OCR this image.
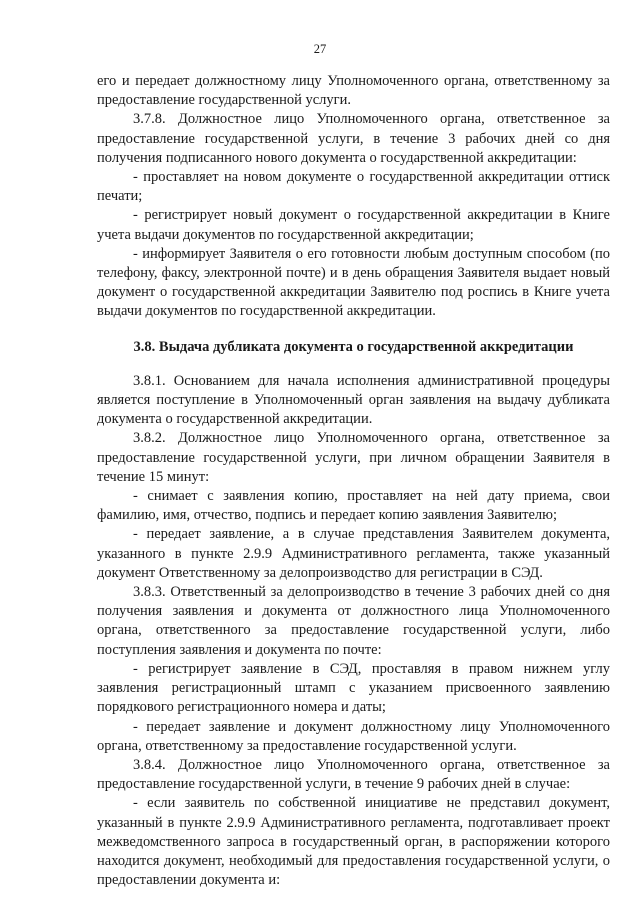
27

его и передает должностному лицу Уполномоченного органа, ответственному за предоставление государственной услуги.

3.7.8. Должностное лицо Уполномоченного органа, ответственное за предоставление государственной услуги, в течение 3 рабочих дней со дня получения подписанного нового документа о государственной аккредитации:

- проставляет на новом документе о государственной аккредитации оттиск печати;

- регистрирует новый документ о государственной аккредитации в Книге учета выдачи документов по государственной аккредитации;

- информирует Заявителя о его готовности любым доступным способом (по телефону, факсу, электронной почте) и в день обращения Заявителя выдает новый документ о государственной аккредитации Заявителю под роспись в Книге учета выдачи документов по государственной аккредитации.

3.8. Выдача дубликата документа о государственной аккредитации

3.8.1. Основанием для начала исполнения административной процедуры является поступление в Уполномоченный орган заявления на выдачу дубликата документа о государственной аккредитации.

3.8.2. Должностное лицо Уполномоченного органа, ответственное за предоставление государственной услуги, при личном обращении Заявителя в течение 15 минут:

- снимает с заявления копию, проставляет на ней дату приема, свои фамилию, имя, отчество, подпись и передает копию заявления Заявителю;

- передает заявление, а в случае представления Заявителем документа, указанного в пункте 2.9.9 Административного регламента, также указанный документ Ответственному за делопроизводство для регистрации в СЭД.

3.8.3. Ответственный за делопроизводство в течение 3 рабочих дней со дня получения заявления и документа от должностного лица Уполномоченного органа, ответственного за предоставление государственной услуги, либо поступления заявления и документа по почте:

- регистрирует заявление в СЭД, проставляя в правом нижнем углу заявления регистрационный штамп с указанием присвоенного заявлению порядкового регистрационного номера и даты;

- передает заявление и документ должностному лицу Уполномоченного органа, ответственному за предоставление государственной услуги.

3.8.4. Должностное лицо Уполномоченного органа, ответственное за предоставление государственной услуги, в течение 9 рабочих дней в случае:

- если заявитель по собственной инициативе не представил документ, указанный в пункте 2.9.9 Административного регламента, подготавливает проект межведомственного запроса в государственный орган, в распоряжении которого находится документ, необходимый для предоставления государственной услуги, о предоставлении документа и:
